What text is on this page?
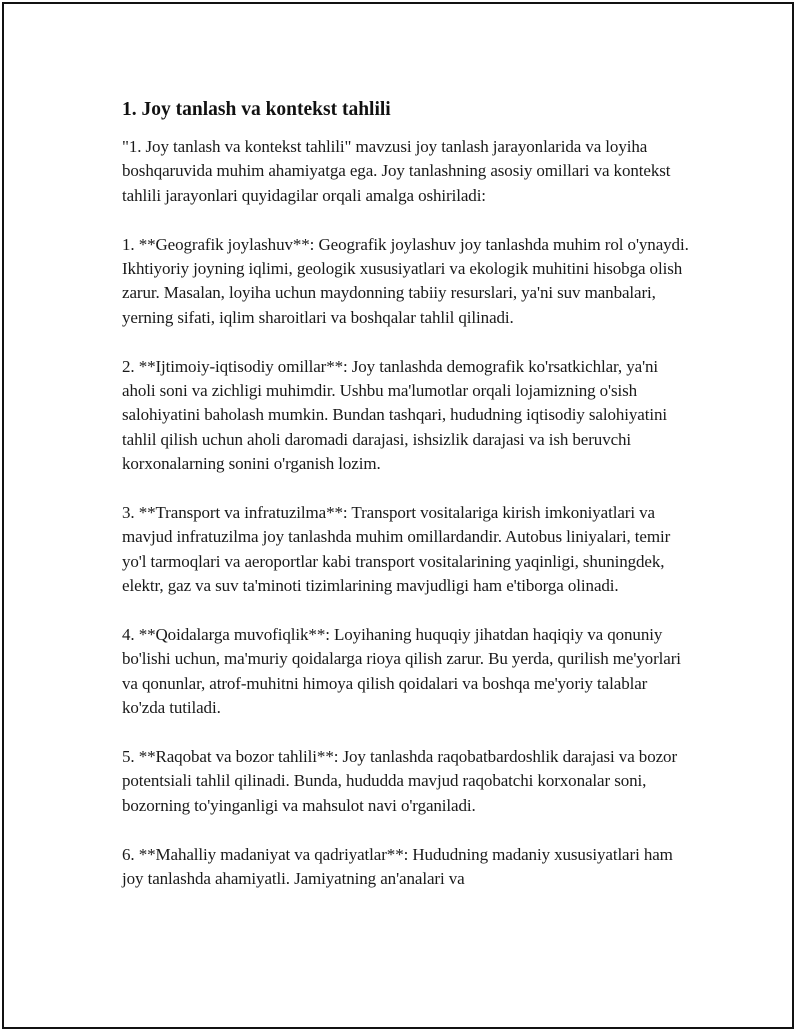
1. Joy tanlash va kontekst tahlili

"1. Joy tanlash va kontekst tahlili" mavzusi joy tanlash jarayonlarida va loyiha boshqaruvida muhim ahamiyatga ega. Joy tanlashning asosiy omillari va kontekst tahlili jarayonlari quyidagilar orqali amalga oshiriladi:

1. **Geografik joylashuv**: Geografik joylashuv joy tanlashda muhim rol o'ynaydi. Ikhtiyoriy joyning iqlimi, geologik xususiyatlari va ekologik muhitini hisobga olish zarur. Masalan, loyiha uchun maydonning tabiiy resurslari, ya'ni suv manbalari, yerning sifati, iqlim sharoitlari va boshqalar tahlil qilinadi.

2. **Ijtimoiy-iqtisodiy omillar**: Joy tanlashda demografik ko'rsatkichlar, ya'ni aholi soni va zichligi muhimdir. Ushbu ma'lumotlar orqali lojamizning o'sish salohiyatini baholash mumkin. Bundan tashqari, hududning iqtisodiy salohiyatini tahlil qilish uchun aholi daromadi darajasi, ishsizlik darajasi va ish beruvchi korxonalarning sonini o'rganish lozim.

3. **Transport va infratuzilma**: Transport vositalariga kirish imkoniyatlari va mavjud infratuzilma joy tanlashda muhim omillardandir. Autobus liniyalari, temir yo'l tarmoqlari va aeroportlar kabi transport vositalarining yaqinligi, shuningdek, elektr, gaz va suv ta'minoti tizimlarining mavjudligi ham e'tiborga olinadi.

4. **Qoidalarga muvofiqlik**: Loyihaning huquqiy jihatdan haqiqiy va qonuniy bo'lishi uchun, ma'muriy qoidalarga rioya qilish zarur. Bu yerda, qurilish me'yorlari va qonunlar, atrof-muhitni himoya qilish qoidalari va boshqa me'yoriy talablar ko'zda tutiladi.

5. **Raqobat va bozor tahlili**: Joy tanlashda raqobatbardoshlik darajasi va bozor potentsiali tahlil qilinadi. Bunda, hududda mavjud raqobatchi korxonalar soni, bozorning to'yinganligi va mahsulot navi o'rganiladi.

6. **Mahalliy madaniyat va qadriyatlar**: Hududning madaniy xususiyatlari ham joy tanlashda ahamiyatli. Jamiyatning an'analari va
